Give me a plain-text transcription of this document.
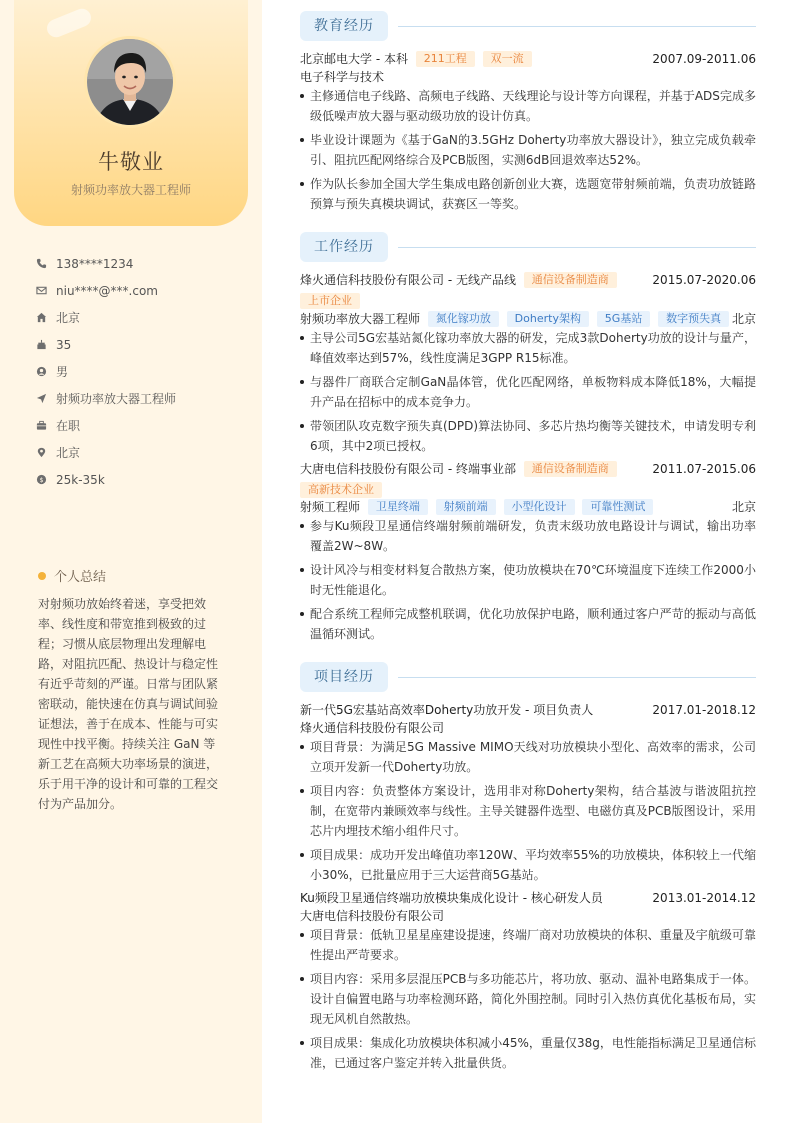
牛敬业
射频功率放大器工程师
138****1234
niu****@***.com
北京
35
男
射频功率放大器工程师
在职
北京
$ 25k-35k
个人总结
对射频功放始终着迷，享受把效率、线性度和带宽推到极致的过程；习惯从底层物理出发理解电路，对阻抗匹配、热设计与稳定性有近乎苛刻的严谨。日常与团队紧密联动，能快速在仿真与调试间验证想法，善于在成本、性能与可实现性中找平衡。持续关注 GaN 等新工艺在高频大功率场景的演进，乐于用干净的设计和可靠的工程交付为产品加分。
教育经历
北京邮电大学 - 本科 211工程 双一流	2007.09-2011.06
电子科学与技术
主修通信电子线路、高频电子线路、天线理论与设计等方向课程，并基于ADS完成多级低噪声放大器与驱动级功放的设计仿真。
毕业设计课题为《基于GaN的3.5GHz Doherty功率放大器设计》，独立完成负载牵引、阻抗匹配网络综合及PCB版图，实测6dB回退效率达52%。
作为队长参加全国大学生集成电路创新创业大赛，选题宽带射频前端，负责功放链路预算与预失真模块调试，获赛区一等奖。
工作经历
烽火通信科技股份有限公司 - 无线产品线 通信设备制造商	2015.07-2020.06
上市企业
射频功率放大器工程师 氮化镓功放 Doherty架构 5G基站 数字预失真 北京
主导公司5G宏基站氮化镓功率放大器的研发，完成3款Doherty功放的设计与量产，峰值效率达到57%，线性度满足3GPP R15标准。
与器件厂商联合定制GaN晶体管，优化匹配网络，单板物料成本降低18%，大幅提升产品在招标中的成本竞争力。
带领团队攻克数字预失真(DPD)算法协同、多芯片热均衡等关键技术，申请发明专利6项，其中2项已授权。
大唐电信科技股份有限公司 - 终端事业部 通信设备制造商	2011.07-2015.06
高新技术企业
射频工程师 卫星终端 射频前端 小型化设计 可靠性测试	北京
参与Ku频段卫星通信终端射频前端研发，负责末级功放电路设计与调试，输出功率覆盖2W~8W。
设计风冷与相变材料复合散热方案，使功放模块在70℃环境温度下连续工作2000小时无性能退化。
配合系统工程师完成整机联调，优化功放保护电路，顺利通过客户严苛的振动与高低温循环测试。
项目经历
新一代5G宏基站高效率Doherty功放开发 - 项目负责人	2017.01-2018.12
烽火通信科技股份有限公司
项目背景：为满足5G Massive MIMO天线对功放模块小型化、高效率的需求，公司立项开发新一代Doherty功放。
项目内容：负责整体方案设计，选用非对称Doherty架构，结合基波与谐波阻抗控制，在宽带内兼顾效率与线性。主导关键器件选型、电磁仿真及PCB版图设计，采用芯片内埋技术缩小组件尺寸。
项目成果：成功开发出峰值功率120W、平均效率55%的功放模块，体积较上一代缩小30%，已批量应用于三大运营商5G基站。
Ku频段卫星通信终端功放模块集成化设计 - 核心研发人员	2013.01-2014.12
大唐电信科技股份有限公司
项目背景：低轨卫星星座建设提速，终端厂商对功放模块的体积、重量及宇航级可靠性提出严苛要求。
项目内容：采用多层混压PCB与多功能芯片，将功放、驱动、温补电路集成于一体。设计自偏置电路与功率检测环路，简化外围控制。同时引入热仿真优化基板布局，实现无风机自然散热。
项目成果：集成化功放模块体积减小45%，重量仅38g，电性能指标满足卫星通信标准，已通过客户鉴定并转入批量供货。
